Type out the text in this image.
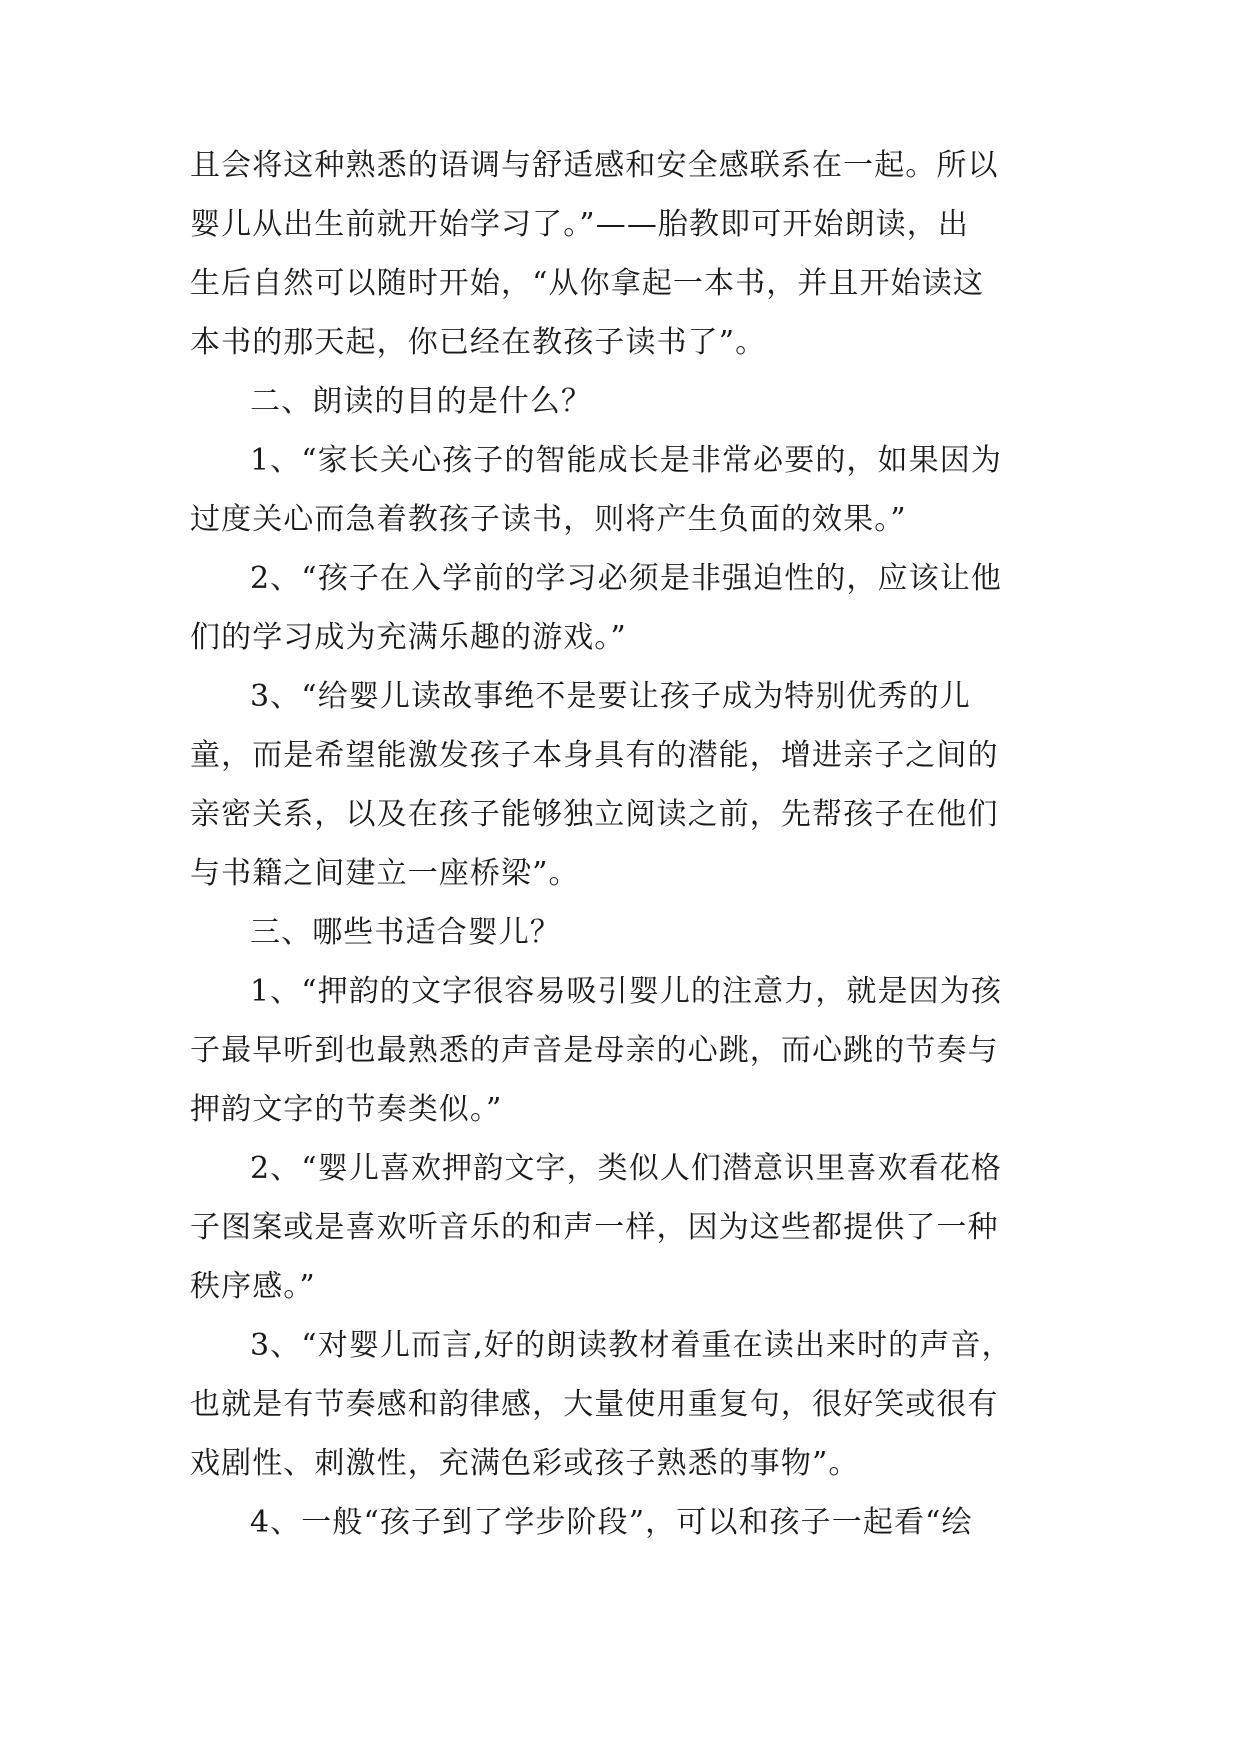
且会将这种熟悉的语调与舒适感和安全感联系在一起。所以
婴儿从出生前就开始学习了。”——胎教即可开始朗读，出
生后自然可以随时开始，“从你拿起一本书，并且开始读这
本书的那天起，你已经在教孩子读书了”。
二、朗读的目的是什么？
1、“家长关心孩子的智能成长是非常必要的，如果因为
过度关心而急着教孩子读书，则将产生负面的效果。”
2、“孩子在入学前的学习必须是非强迫性的，应该让他
们的学习成为充满乐趣的游戏。”
3、“给婴儿读故事绝不是要让孩子成为特别优秀的儿
童，而是希望能激发孩子本身具有的潜能，增进亲子之间的
亲密关系，以及在孩子能够独立阅读之前，先帮孩子在他们
与书籍之间建立一座桥梁”。
三、哪些书适合婴儿？
1、“押韵的文字很容易吸引婴儿的注意力，就是因为孩
子最早听到也最熟悉的声音是母亲的心跳，而心跳的节奏与
押韵文字的节奏类似。”
2、“婴儿喜欢押韵文字，类似人们潜意识里喜欢看花格
子图案或是喜欢听音乐的和声一样，因为这些都提供了一种
秩序感。”
3、“对婴儿而言,好的朗读教材着重在读出来时的声音，
也就是有节奏感和韵律感，大量使用重复句，很好笑或很有
戏剧性、刺激性，充满色彩或孩子熟悉的事物”。
4、一般“孩子到了学步阶段”，可以和孩子一起看“绘
